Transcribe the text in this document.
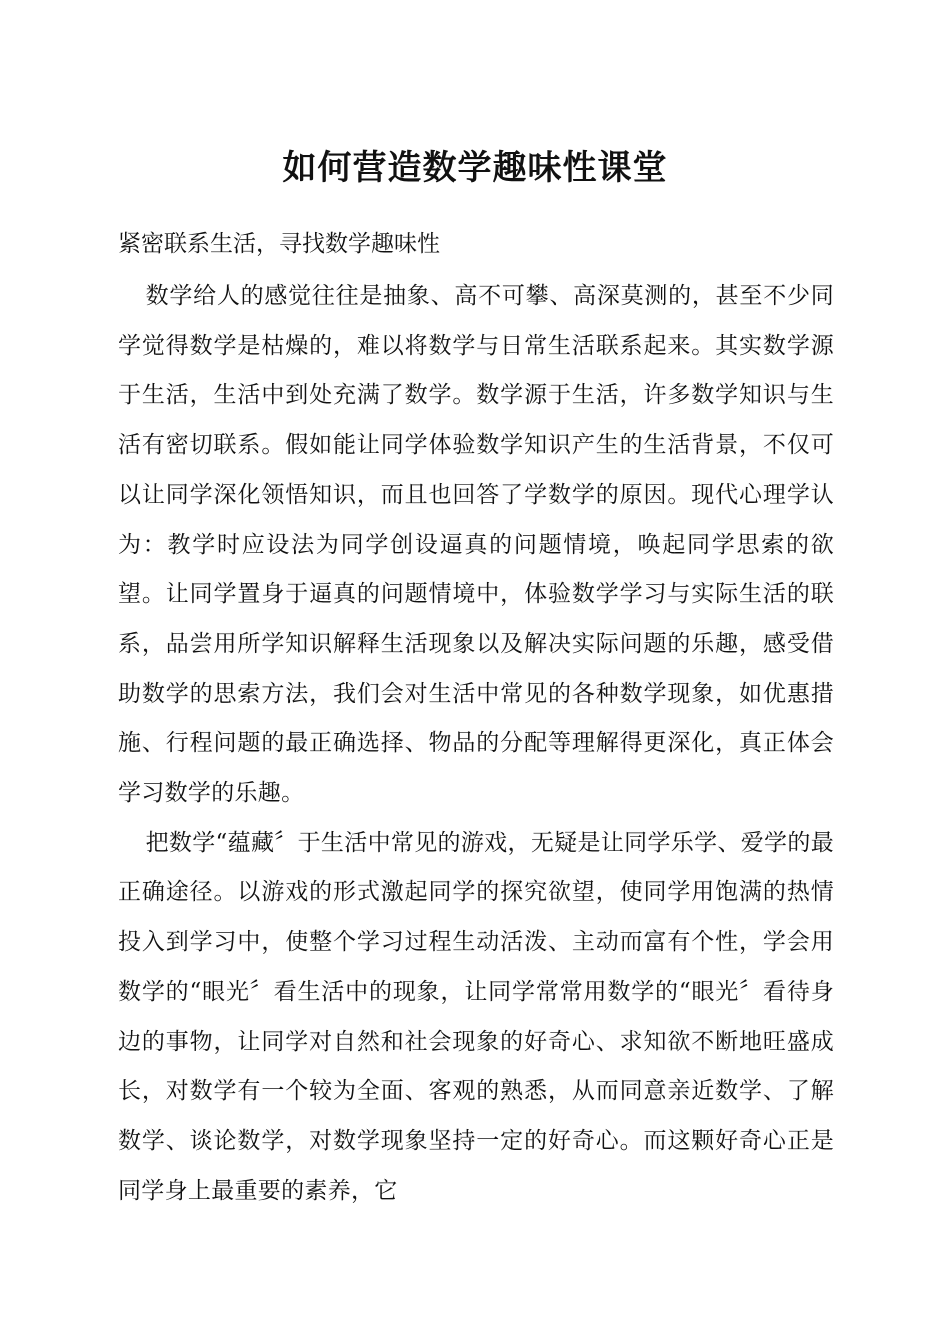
如何营造数学趣味性课堂
紧密联系生活，寻找数学趣味性

数学给人的感觉往往是抽象、高不可攀、高深莫测的，甚至不少同学觉得数学是枯燥的，难以将数学与日常生活联系起来。其实数学源于生活，生活中到处充满了数学。数学源于生活，许多数学知识与生活有密切联系。假如能让同学体验数学知识产生的生活背景，不仅可以让同学深化领悟知识，而且也回答了学数学的原因。现代心理学认为：教学时应设法为同学创设逼真的问题情境，唤起同学思索的欲望。让同学置身于逼真的问题情境中，体验数学学习与实际生活的联系，品尝用所学知识解释生活现象以及解决实际问题的乐趣，感受借助数学的思索方法，我们会对生活中常见的各种数学现象，如优惠措施、行程问题的最正确选择、物品的分配等理解得更深化，真正体会学习数学的乐趣。

把数学“蕴藏〞于生活中常见的游戏，无疑是让同学乐学、爱学的最正确途径。以游戏的形式激起同学的探究欲望，使同学用饱满的热情投入到学习中，使整个学习过程生动活泼、主动而富有个性，学会用数学的“眼光〞看生活中的现象，让同学常常用数学的“眼光〞看待身边的事物，让同学对自然和社会现象的好奇心、求知欲不断地旺盛成长，对数学有一个较为全面、客观的熟悉，从而同意亲近数学、了解数学、谈论数学，对数学现象坚持一定的好奇心。而这颗好奇心正是同学身上最重要的素养，它
